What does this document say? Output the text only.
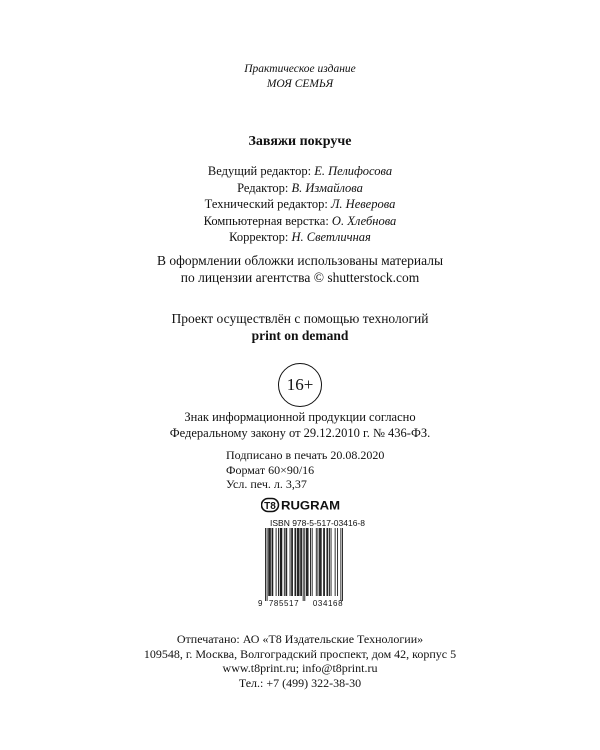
Практическое издание
МОЯ СЕМЬЯ
Завяжи покруче
Ведущий редактор: Е. Пелифосова
Редактор: В. Измайлова
Технический редактор: Л. Неверова
Компьютерная верстка: О. Хлебнова
Корректор: Н. Светличная
В оформлении обложки использованы материалы
по лицензии агентства © shutterstock.com
Проект осуществлён с помощью технологий
print on demand
16+
Знак информационной продукции согласно
Федеральному закону от 29.12.2010 г. № 436-ФЗ.
Подписано в печать 20.08.2020
Формат 60×90/16
Усл. печ. л. 3,37
T8 RUGRAM
ISBN 978-5-517-03416-8
9 785517 034168
Отпечатано: АО «Т8 Издательские Технологии»
109548, г. Москва, Волгоградский проспект, дом 42, корпус 5
www.t8print.ru; info@t8print.ru
Тел.: +7 (499) 322-38-30
